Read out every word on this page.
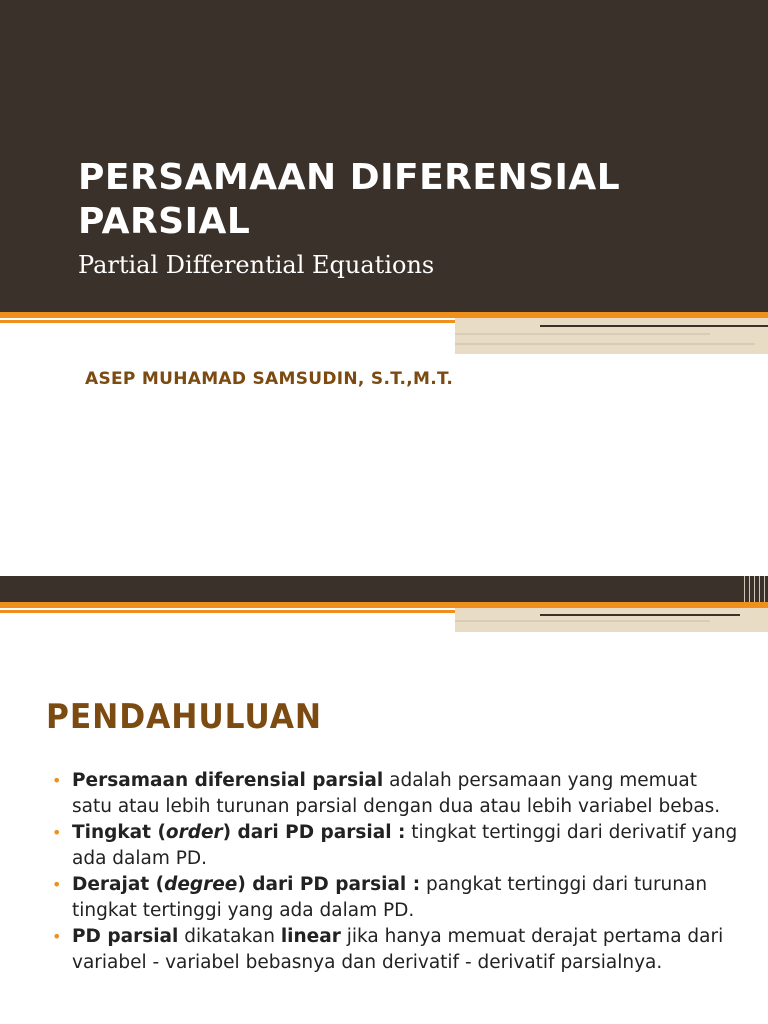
PERSAMAAN DIFERENSIAL PARSIAL

Partial Differential Equations

ASEP MUHAMAD SAMSUDIN, S.T.,M.T.

PENDAHULUAN
• Persamaan diferensial parsial adalah persamaan yang memuat satu atau lebih turunan parsial dengan dua atau lebih variabel bebas.
• Tingkat (order) dari PD parsial : tingkat tertinggi dari derivatif yang ada dalam PD.
• Derajat (degree) dari PD parsial : pangkat tertinggi dari turunan tingkat tertinggi yang ada dalam PD.
• PD parsial dikatakan linear jika hanya memuat derajat pertama dari variabel - variabel bebasnya dan derivatif - derivatif parsialnya.
